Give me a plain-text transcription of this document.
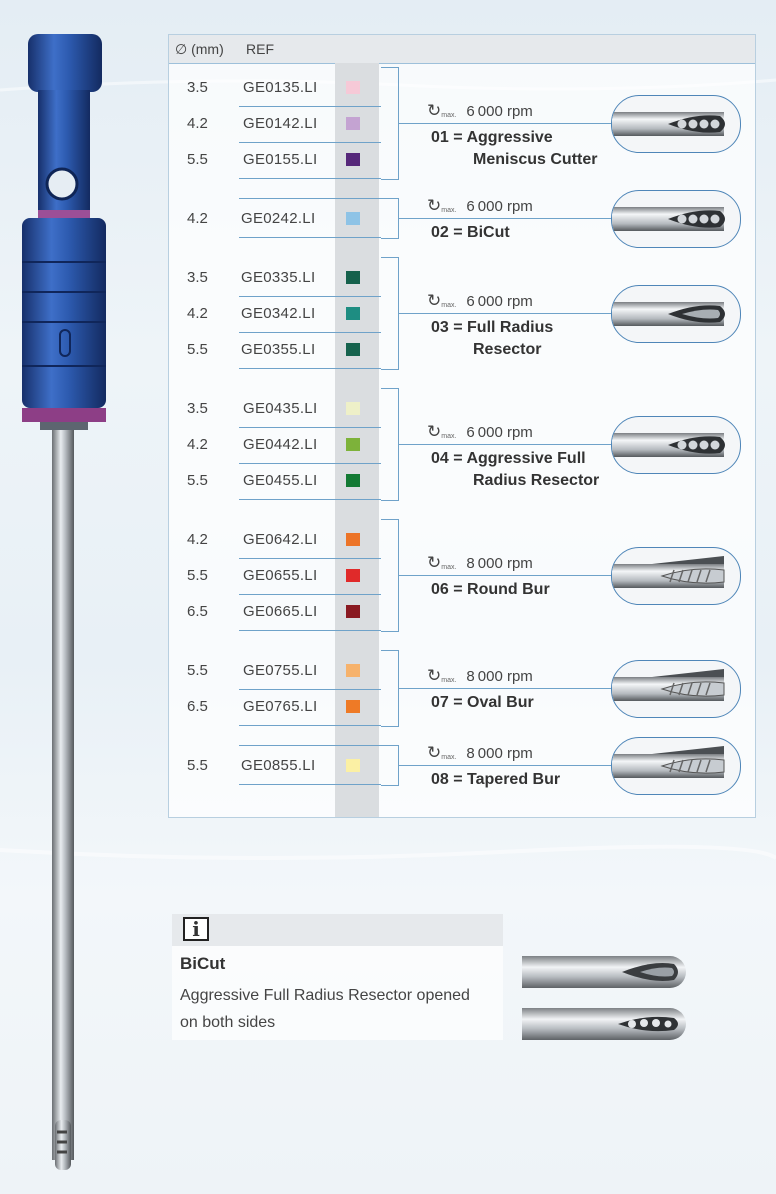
∅ (mm) REF
3.5	GE0135.LI
4.2	GE0142.LI
5.5	GE0155.LI
↻max. 6 000 rpm
01 = Aggressive
Meniscus Cutter
4.2	GE0242.LI
↻max. 6 000 rpm
02 = BiCut
3.5	GE0335.LI
4.2	GE0342.LI
5.5	GE0355.LI
↻max. 6 000 rpm
03 = Full Radius
Resector
3.5	GE0435.LI
4.2	GE0442.LI
5.5	GE0455.LI
↻max. 6 000 rpm
04 = Aggressive Full
Radius Resector
4.2	GE0642.LI
5.5	GE0655.LI
6.5	GE0665.LI
↻max. 8 000 rpm
06 = Round Bur
5.5	GE0755.LI
6.5	GE0765.LI
↻max. 8 000 rpm
07 = Oval Bur
5.5	GE0855.LI
↻max. 8 000 rpm
08 = Tapered Bur
i
BiCut
Aggressive Full Radius Resector opened on both sides
